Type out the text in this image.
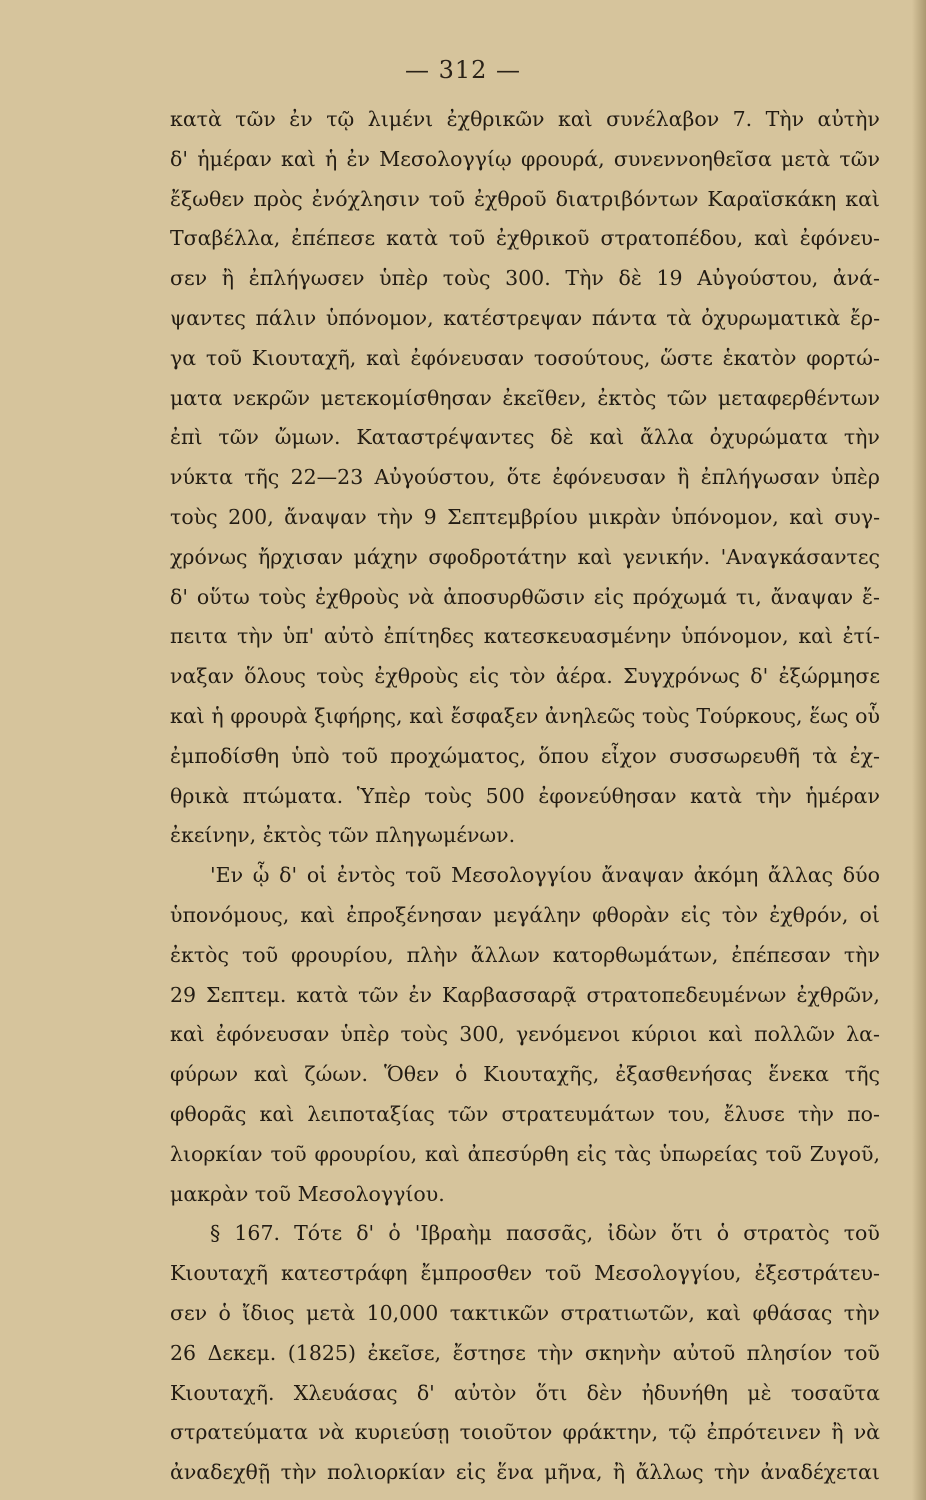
— 312 —
κατὰ τῶν ἐν τῷ λιμένι ἐχθρικῶν καὶ συνέλαβον 7. Τὴν αὐτὴν
δ' ἡμέραν καὶ ἡ ἐν Μεσολογγίῳ φρουρά, συνεννοηθεῖσα μετὰ τῶν
ἔξωθεν πρὸς ἐνόχλησιν τοῦ ἐχθροῦ διατριβόντων Καραϊσκάκη καὶ
Τσαβέλλα, ἐπέπεσε κατὰ τοῦ ἐχθρικοῦ στρατοπέδου, καὶ ἐφόνευ-
σεν ἢ ἐπλήγωσεν ὑπὲρ τοὺς 300. Τὴν δὲ 19 Αὐγούστου, ἀνά-
ψαντες πάλιν ὑπόνομον, κατέστρεψαν πάντα τὰ ὀχυρωματικὰ ἔρ-
γα τοῦ Κιουταχῆ, καὶ ἐφόνευσαν τοσούτους, ὥστε ἑκατὸν φορτώ-
ματα νεκρῶν μετεκομίσθησαν ἐκεῖθεν, ἐκτὸς τῶν μεταφερθέντων
ἐπὶ τῶν ὤμων. Καταστρέψαντες δὲ καὶ ἄλλα ὀχυρώματα τὴν
νύκτα τῆς 22—23 Αὐγούστου, ὅτε ἐφόνευσαν ἢ ἐπλήγωσαν ὑπὲρ
τοὺς 200, ἄναψαν τὴν 9 Σεπτεμβρίου μικρὰν ὑπόνομον, καὶ συγ-
χρόνως ἤρχισαν μάχην σφοδροτάτην καὶ γενικήν. 'Αναγκάσαντες
δ' οὕτω τοὺς ἐχθροὺς νὰ ἀποσυρθῶσιν εἰς πρόχωμά τι, ἄναψαν ἔ-
πειτα τὴν ὑπ' αὐτὸ ἐπίτηδες κατεσκευασμένην ὑπόνομον, καὶ ἐτί-
ναξαν ὅλους τοὺς ἐχθροὺς εἰς τὸν ἀέρα. Συγχρόνως δ' ἐξώρμησε
καὶ ἡ φρουρὰ ξιφήρης, καὶ ἔσφαξεν ἀνηλεῶς τοὺς Τούρκους, ἕως οὗ
ἐμποδίσθη ὑπὸ τοῦ προχώματος, ὅπου εἶχον συσσωρευθῆ τὰ ἐχ-
θρικὰ πτώματα. Ὑπὲρ τοὺς 500 ἐφονεύθησαν κατὰ τὴν ἡμέραν
ἐκείνην,
ἐκτὸς
τῶν
πληγωμένων.
'Εν ᾧ δ' οἱ ἐντὸς τοῦ Μεσολογγίου ἄναψαν ἀκόμη ἄλλας δύο
ὑπονόμους, καὶ ἐπροξένησαν μεγάλην φθορὰν εἰς τὸν ἐχθρόν, οἱ
ἐκτὸς τοῦ φρουρίου, πλὴν ἄλλων κατορθωμάτων, ἐπέπεσαν τὴν
29 Σεπτεμ. κατὰ τῶν ἐν Καρβασσαρᾷ στρατοπεδευμένων ἐχθρῶν,
καὶ ἐφόνευσαν ὑπὲρ τοὺς 300, γενόμενοι κύριοι καὶ πολλῶν λα-
φύρων καὶ ζώων. Ὅθεν ὁ Κιουταχῆς, ἐξασθενήσας ἕνεκα τῆς
φθορᾶς καὶ λειποταξίας τῶν στρατευμάτων του, ἔλυσε τὴν πο-
λιορκίαν τοῦ φρουρίου, καὶ ἀπεσύρθη εἰς τὰς ὑπωρείας τοῦ Ζυγοῦ,
μακρὰν
τοῦ
Μεσολογγίου.
§ 167. Τότε δ' ὁ 'Ιβραὴμ πασσᾶς, ἰδὼν ὅτι ὁ στρατὸς τοῦ
Κιουταχῆ κατεστράφη ἔμπροσθεν τοῦ Μεσολογγίου, ἐξεστράτευ-
σεν ὁ ἴδιος μετὰ 10,000 τακτικῶν στρατιωτῶν, καὶ φθάσας τὴν
26 Δεκεμ. (1825) ἐκεῖσε, ἔστησε τὴν σκηνὴν αὐτοῦ πλησίον τοῦ
Κιουταχῆ. Χλευάσας δ' αὐτὸν ὅτι δὲν ἠδυνήθη μὲ τοσαῦτα
στρατεύματα νὰ κυριεύσῃ τοιοῦτον φράκτην, τῷ ἐπρότεινεν ἢ νὰ
ἀναδεχθῇ τὴν πολιορκίαν εἰς ἕνα μῆνα, ἢ ἄλλως τὴν ἀναδέχεται
